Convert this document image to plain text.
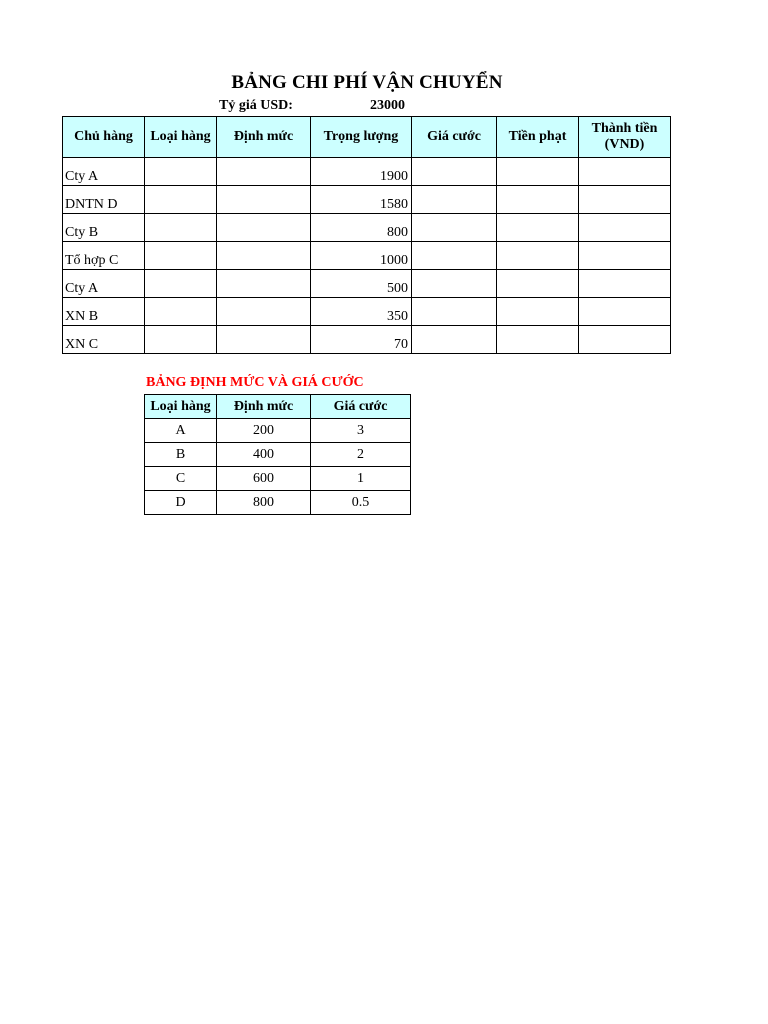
BẢNG CHI PHÍ VẬN CHUYỂN
Tỷ giá USD:	23000
Chủ hàng	Loại hàng	Định mức	Trọng lượng	Giá cước	Tiền phạt	Thành tiền
(VND)
Cty A			1900			
DNTN D			1580			
Cty B			800			
Tổ hợp C			1000			
Cty A			500			
XN B			350			
XN C			70			
BẢNG ĐỊNH MỨC VÀ GIÁ CƯỚC
Loại hàng	Định mức	Giá cước
A	200	3
B	400	2
C	600	1
D	800	0.5
